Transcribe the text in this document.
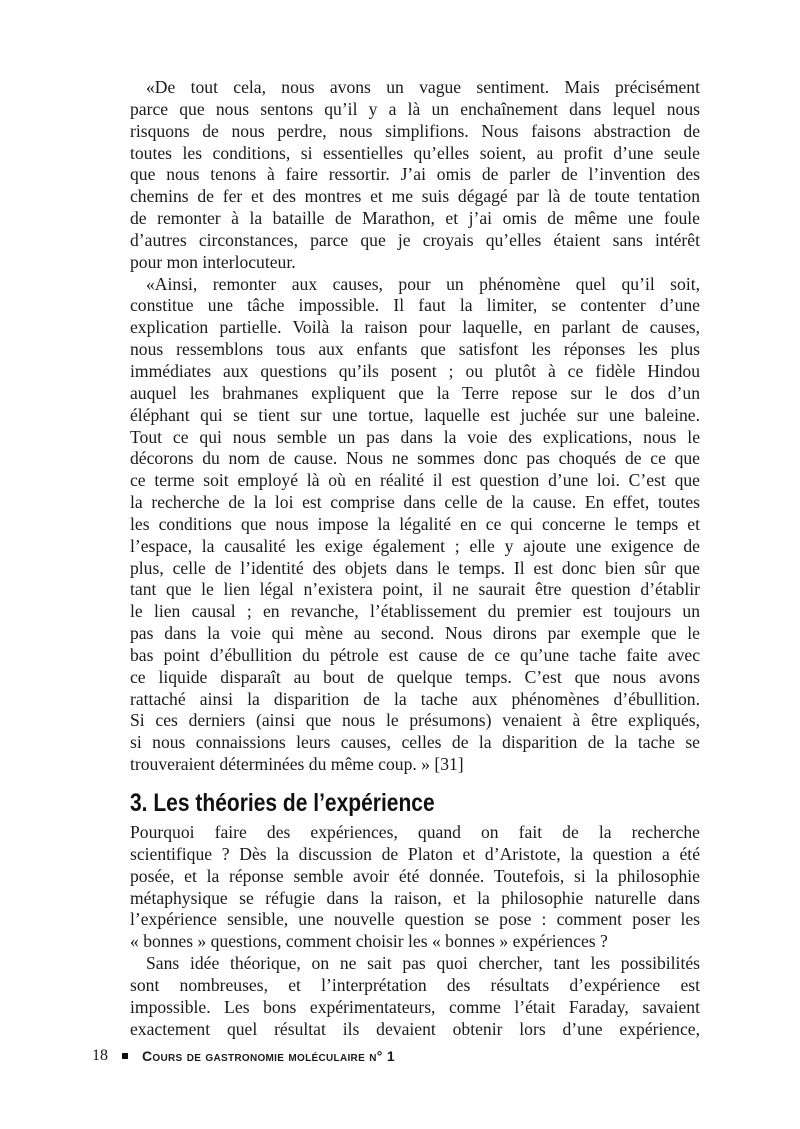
«De tout cela, nous avons un vague sentiment. Mais précisément
parce que nous sentons qu’il y a là un enchaînement dans lequel nous
risquons de nous perdre, nous simplifions. Nous faisons abstraction de
toutes les conditions, si essentielles qu’elles soient, au profit d’une seule
que nous tenons à faire ressortir. J’ai omis de parler de l’invention des
chemins de fer et des montres et me suis dégagé par là de toute tentation
de remonter à la bataille de Marathon, et j’ai omis de même une foule
d’autres circonstances, parce que je croyais qu’elles étaient sans intérêt
pour mon interlocuteur.
«Ainsi, remonter aux causes, pour un phénomène quel qu’il soit,
constitue une tâche impossible. Il faut la limiter, se contenter d’une
explication partielle. Voilà la raison pour laquelle, en parlant de causes,
nous ressemblons tous aux enfants que satisfont les réponses les plus
immédiates aux questions qu’ils posent ; ou plutôt à ce fidèle Hindou
auquel les brahmanes expliquent que la Terre repose sur le dos d’un
éléphant qui se tient sur une tortue, laquelle est juchée sur une baleine.
Tout ce qui nous semble un pas dans la voie des explications, nous le
décorons du nom de cause. Nous ne sommes donc pas choqués de ce que
ce terme soit employé là où en réalité il est question d’une loi. C’est que
la recherche de la loi est comprise dans celle de la cause. En effet, toutes
les conditions que nous impose la légalité en ce qui concerne le temps et
l’espace, la causalité les exige également ; elle y ajoute une exigence de
plus, celle de l’identité des objets dans le temps. Il est donc bien sûr que
tant que le lien légal n’existera point, il ne saurait être question d’établir
le lien causal ; en revanche, l’établissement du premier est toujours un
pas dans la voie qui mène au second. Nous dirons par exemple que le
bas point d’ébullition du pétrole est cause de ce qu’une tache faite avec
ce liquide disparaît au bout de quelque temps. C’est que nous avons
rattaché ainsi la disparition de la tache aux phénomènes d’ébullition.
Si ces derniers (ainsi que nous le présumons) venaient à être expliqués,
si nous connaissions leurs causes, celles de la disparition de la tache se
trouveraient déterminées du même coup. » [31]
3. Les théories de l’expérience
Pourquoi faire des expériences, quand on fait de la recherche
scientifique ? Dès la discussion de Platon et d’Aristote, la question a été
posée, et la réponse semble avoir été donnée. Toutefois, si la philosophie
métaphysique se réfugie dans la raison, et la philosophie naturelle dans
l’expérience sensible, une nouvelle question se pose : comment poser les
« bonnes » questions, comment choisir les « bonnes » expériences ?
Sans idée théorique, on ne sait pas quoi chercher, tant les possibilités
sont nombreuses, et l’interprétation des résultats d’expérience est
impossible. Les bons expérimentateurs, comme l’était Faraday, savaient
exactement quel résultat ils devaient obtenir lors d’une expérience,
18 Cours de gastronomie moléculaire n° 1
